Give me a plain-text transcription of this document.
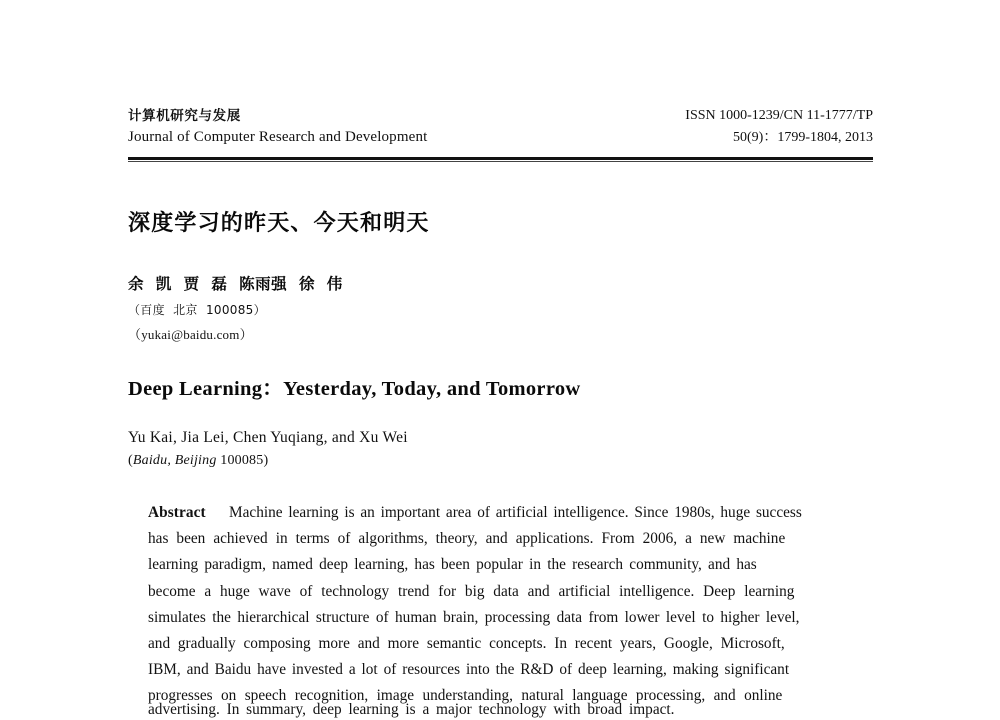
计算机研究与发展
Journal of Computer Research and Development
ISSN 1000-1239/CN 11-1777/TP
50(9)：1799-1804, 2013
深度学习的昨天、今天和明天
余  凯  贾  磊  陈雨强  徐  伟
（百度  北京  100085）
（yukai@baidu.com）
Deep Learning：Yesterday, Today, and Tomorrow
Yu Kai, Jia Lei, Chen Yuqiang, and Xu Wei
(Baidu, Beijing 100085)
Abstract Machine learning is an important area of artificial intelligence. Since 1980s, huge success
has been achieved in terms of algorithms, theory, and applications. From 2006, a new machine
learning paradigm, named deep learning, has been popular in the research community, and has
become a huge wave of technology trend for big data and artificial intelligence. Deep learning
simulates the hierarchical structure of human brain, processing data from lower level to higher level,
and gradually composing more and more semantic concepts. In recent years, Google, Microsoft,
IBM, and Baidu have invested a lot of resources into the R&D of deep learning, making significant
progresses on speech recognition, image understanding, natural language processing, and online
advertising. In summary, deep learning is a major technology with broad impact.
